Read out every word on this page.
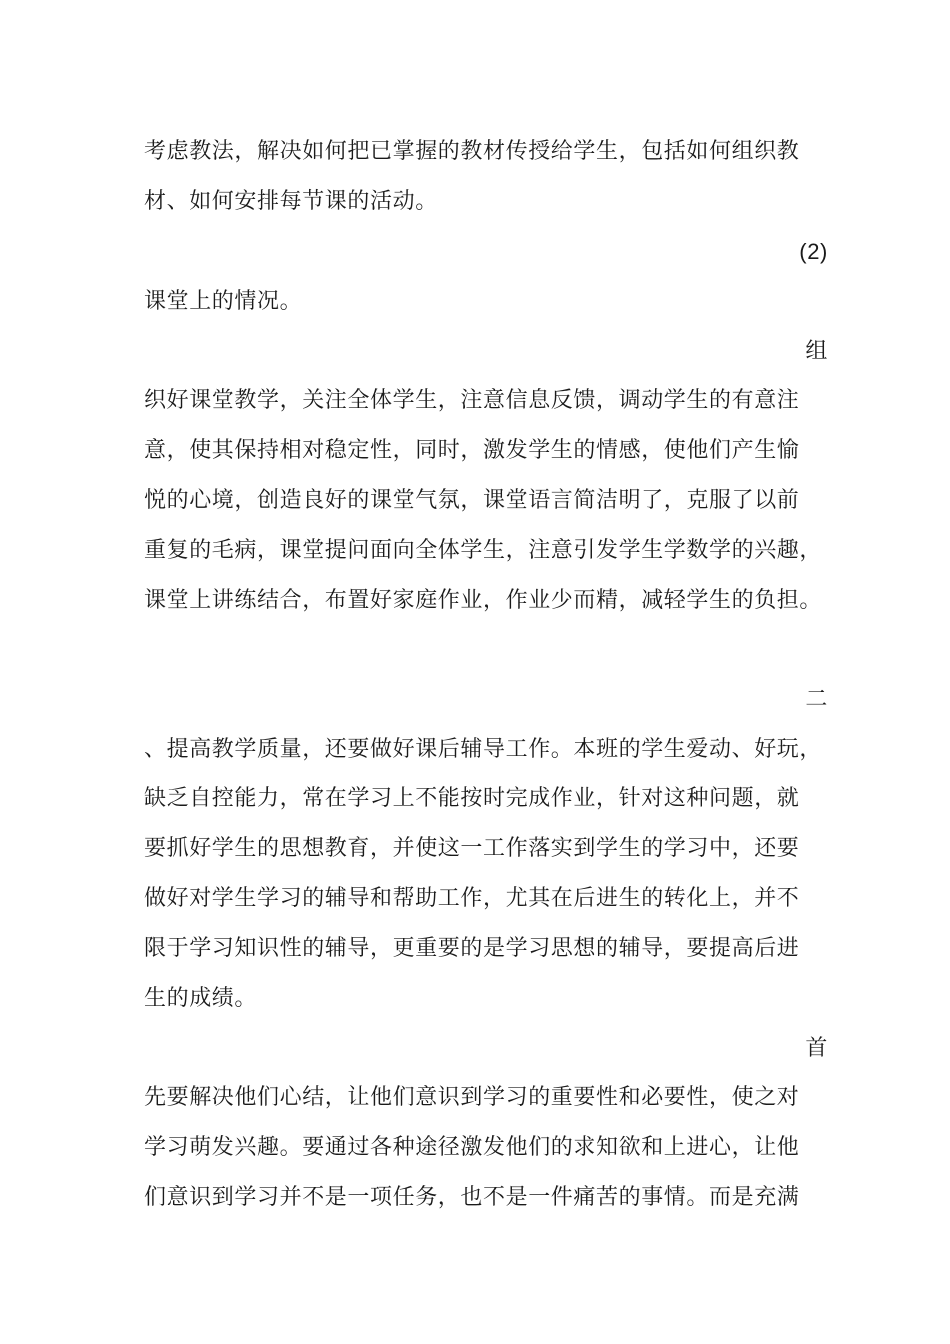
考虑教法，解决如何把已掌握的教材传授给学生，包括如何组织教
材、如何安排每节课的活动。
(2)
课堂上的情况。
组
织好课堂教学，关注全体学生，注意信息反馈，调动学生的有意注
意，使其保持相对稳定性，同时，激发学生的情感，使他们产生愉
悦的心境，创造良好的课堂气氛，课堂语言简洁明了，克服了以前
重复的毛病，课堂提问面向全体学生，注意引发学生学数学的兴趣，
课堂上讲练结合，布置好家庭作业，作业少而精，减轻学生的负担。
二
、提高教学质量，还要做好课后辅导工作。本班的学生爱动、好玩，
缺乏自控能力，常在学习上不能按时完成作业，针对这种问题，就
要抓好学生的思想教育，并使这一工作落实到学生的学习中，还要
做好对学生学习的辅导和帮助工作，尤其在后进生的转化上，并不
限于学习知识性的辅导，更重要的是学习思想的辅导，要提高后进
生的成绩。
首
先要解决他们心结，让他们意识到学习的重要性和必要性，使之对
学习萌发兴趣。要通过各种途径激发他们的求知欲和上进心，让他
们意识到学习并不是一项任务，也不是一件痛苦的事情。而是充满
